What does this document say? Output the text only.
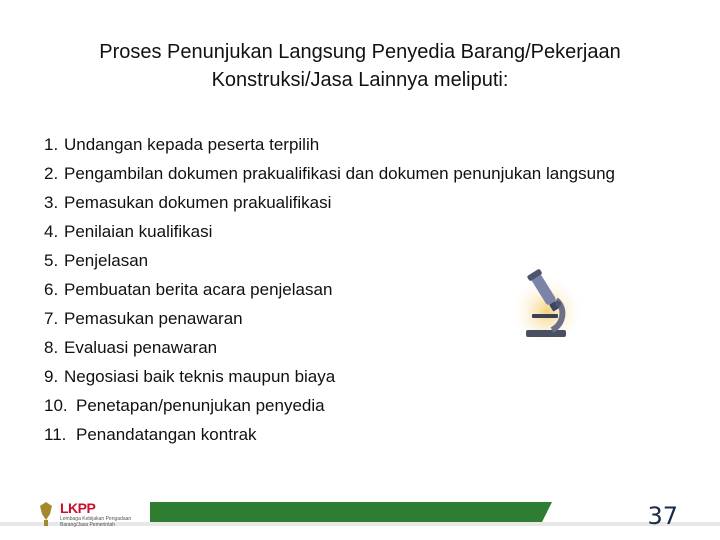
Proses Penunjukan Langsung Penyedia Barang/Pekerjaan
Konstruksi/Jasa Lainnya meliputi:
1. Undangan kepada peserta terpilih
2. Pengambilan dokumen prakualifikasi dan dokumen penunjukan langsung
3. Pemasukan dokumen prakualifikasi
4. Penilaian kualifikasi
5. Penjelasan
6. Pembuatan berita acara penjelasan
7. Pemasukan penawaran
8. Evaluasi penawaran
9. Negosiasi baik teknis maupun biaya
10. Penetapan/penunjukan penyedia
11. Penandatangan kontrak
LKPP
Lembaga Kebijakan Pengadaan Barang/Jasa Pemerintah	37
